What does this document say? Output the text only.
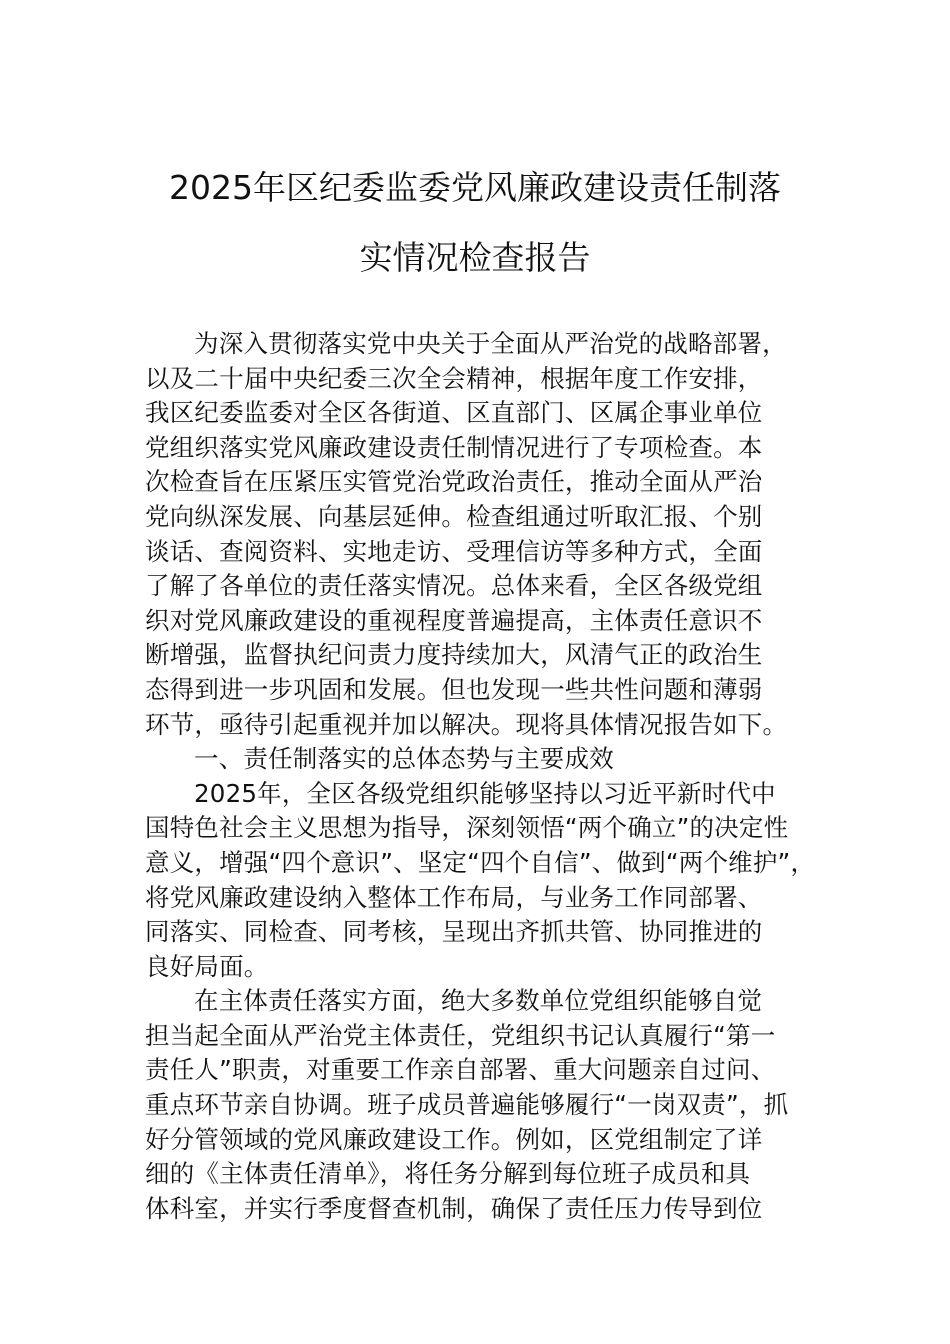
2025年区纪委监委党风廉政建设责任制落
实情况检查报告
为深入贯彻落实党中央关于全面从严治党的战略部署，
以及二十届中央纪委三次全会精神，根据年度工作安排，
我区纪委监委对全区各街道、区直部门、区属企事业单位
党组织落实党风廉政建设责任制情况进行了专项检查。本
次检查旨在压紧压实管党治党政治责任，推动全面从严治
党向纵深发展、向基层延伸。检查组通过听取汇报、个别
谈话、查阅资料、实地走访、受理信访等多种方式，全面
了解了各单位的责任落实情况。总体来看，全区各级党组
织对党风廉政建设的重视程度普遍提高，主体责任意识不
断增强，监督执纪问责力度持续加大，风清气正的政治生
态得到进一步巩固和发展。但也发现一些共性问题和薄弱
环节，亟待引起重视并加以解决。现将具体情况报告如下。
一、责任制落实的总体态势与主要成效
2025年，全区各级党组织能够坚持以习近平新时代中
国特色社会主义思想为指导，深刻领悟“两个确立”的决定性
意义，增强“四个意识”、坚定“四个自信”、做到“两个维护”，
将党风廉政建设纳入整体工作布局，与业务工作同部署、
同落实、同检查、同考核，呈现出齐抓共管、协同推进的
良好局面。
在主体责任落实方面，绝大多数单位党组织能够自觉
担当起全面从严治党主体责任，党组织书记认真履行“第一
责任人”职责，对重要工作亲自部署、重大问题亲自过问、
重点环节亲自协调。班子成员普遍能够履行“一岗双责”，抓
好分管领域的党风廉政建设工作。例如，区党组制定了详
细的《主体责任清单》，将任务分解到每位班子成员和具
体科室，并实行季度督查机制，确保了责任压力传导到位
